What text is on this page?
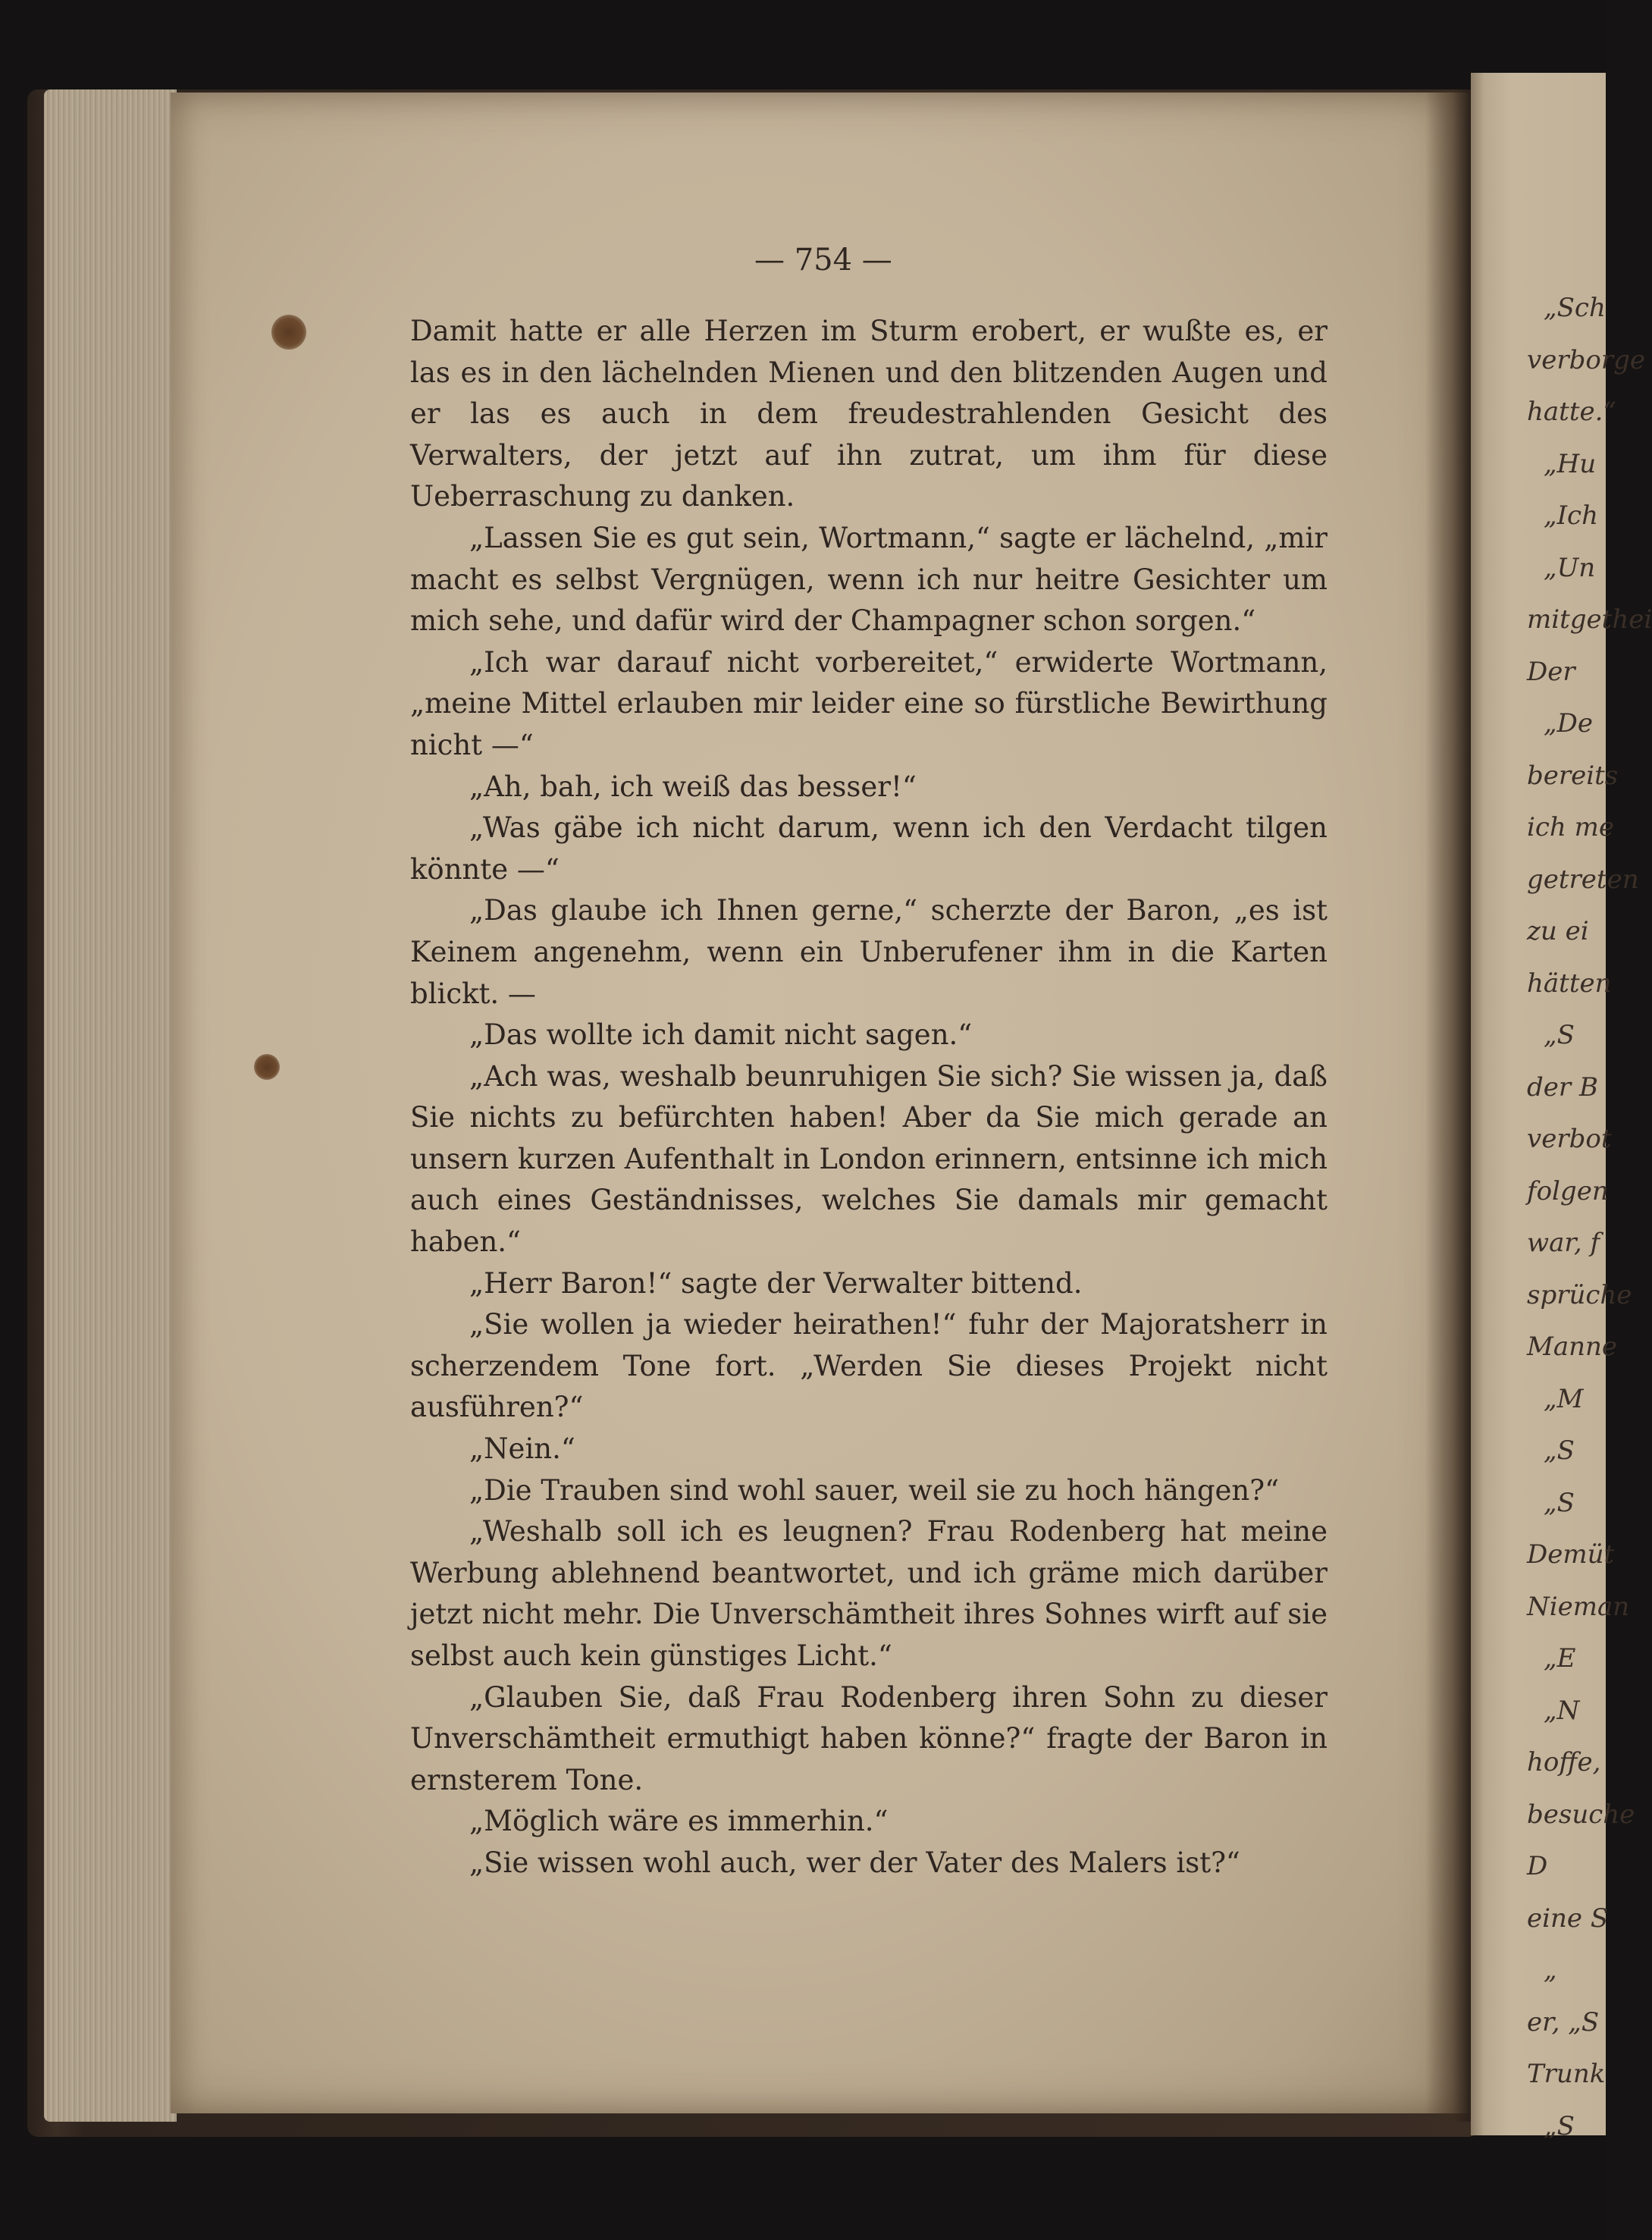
„Sch
verborge
hatte.“
„Hu
„Ich
„Un
mitgethei
Der
„De
bereits
ich me
getreten
zu ei
hätten
„S
der B
verbot
folgen
war, f
sprüche
Manne
„M
„S
„S
Demüt
Nieman
„E
„N
hoffe,
besuche
D
eine S
„
er, „S
Trunk
„S
— 754 —

Damit hatte er alle Herzen im Sturm erobert, er wußte es, er las es in den lächelnden Mienen und den blitzenden Augen und er las es auch in dem freudestrahlenden Gesicht des Verwalters, der jetzt auf ihn zutrat, um ihm für diese Ueberraschung zu danken.

„Lassen Sie es gut sein, Wortmann,“ sagte er lächelnd, „mir macht es selbst Vergnügen, wenn ich nur heitre Gesichter um mich sehe, und dafür wird der Champagner schon sorgen.“

„Ich war darauf nicht vorbereitet,“ erwiderte Wortmann, „meine Mittel erlauben mir leider eine so fürstliche Bewirthung nicht —“

„Ah, bah, ich weiß das besser!“

„Was gäbe ich nicht darum, wenn ich den Verdacht tilgen könnte —“

„Das glaube ich Ihnen gerne,“ scherzte der Baron, „es ist Keinem angenehm, wenn ein Unberufener ihm in die Karten blickt. —

„Das wollte ich damit nicht sagen.“

„Ach was, weshalb beunruhigen Sie sich? Sie wissen ja, daß Sie nichts zu befürchten haben! Aber da Sie mich gerade an unsern kurzen Aufenthalt in London erinnern, entsinne ich mich auch eines Geständnisses, welches Sie damals mir gemacht haben.“

„Herr Baron!“ sagte der Verwalter bittend.

„Sie wollen ja wieder heirathen!“ fuhr der Majoratsherr in scherzendem Tone fort. „Werden Sie dieses Projekt nicht ausführen?“

„Nein.“

„Die Trauben sind wohl sauer, weil sie zu hoch hängen?“

„Weshalb soll ich es leugnen? Frau Rodenberg hat meine Werbung ablehnend beantwortet, und ich gräme mich darüber jetzt nicht mehr. Die Unverschämtheit ihres Sohnes wirft auf sie selbst auch kein günstiges Licht.“

„Glauben Sie, daß Frau Rodenberg ihren Sohn zu dieser Unverschämtheit ermuthigt haben könne?“ fragte der Baron in ernsterem Tone.

„Möglich wäre es immerhin.“

„Sie wissen wohl auch, wer der Vater des Malers ist?“
